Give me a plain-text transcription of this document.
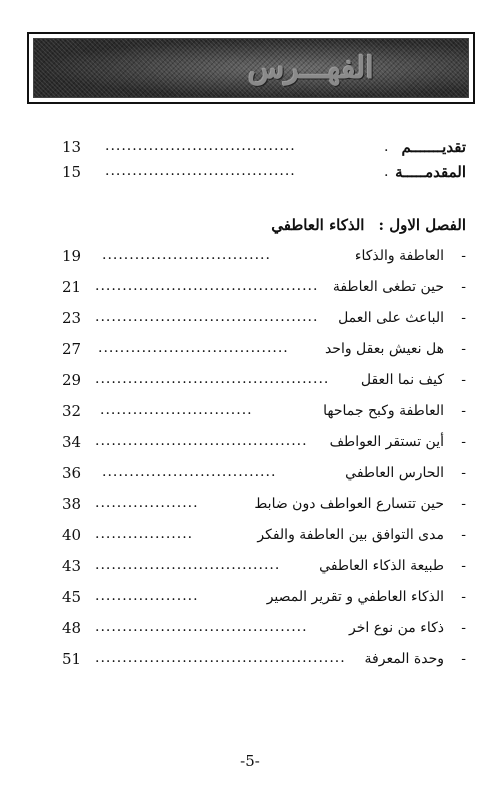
الفهـــرس
13 ...................................	. تقديـــــــم
15 ...................................	. المقدمـــــة
الفصل الاول :الذكاء العاطفي
19 ...............................	العاطفة والذكاء -
21 ......................................... حين تطغى العاطفة -
23 ......................................... الباعث على العمل -
27 ...................................	هل نعيش بعقل واحد -
29 ........................................... كيف نما العقل -
32 ............................	العاطفة وكبح جماحها -
34 ....................................... أين تستقر العواطف -
36 ................................	الحارس العاطفي -
38 ...................	حين تتسارع العواطف دون ضابط -
40 ..................	مدى التوافق بين العاطفة والفكر -
43 ..................................	طبيعة الذكاء العاطفي -
45 ...................	الذكاء العاطفي و تقرير المصير -
48 .......................................	ذكاء من نوع اخر -
51 .............................................. وحدة المعرفة -
-5-
